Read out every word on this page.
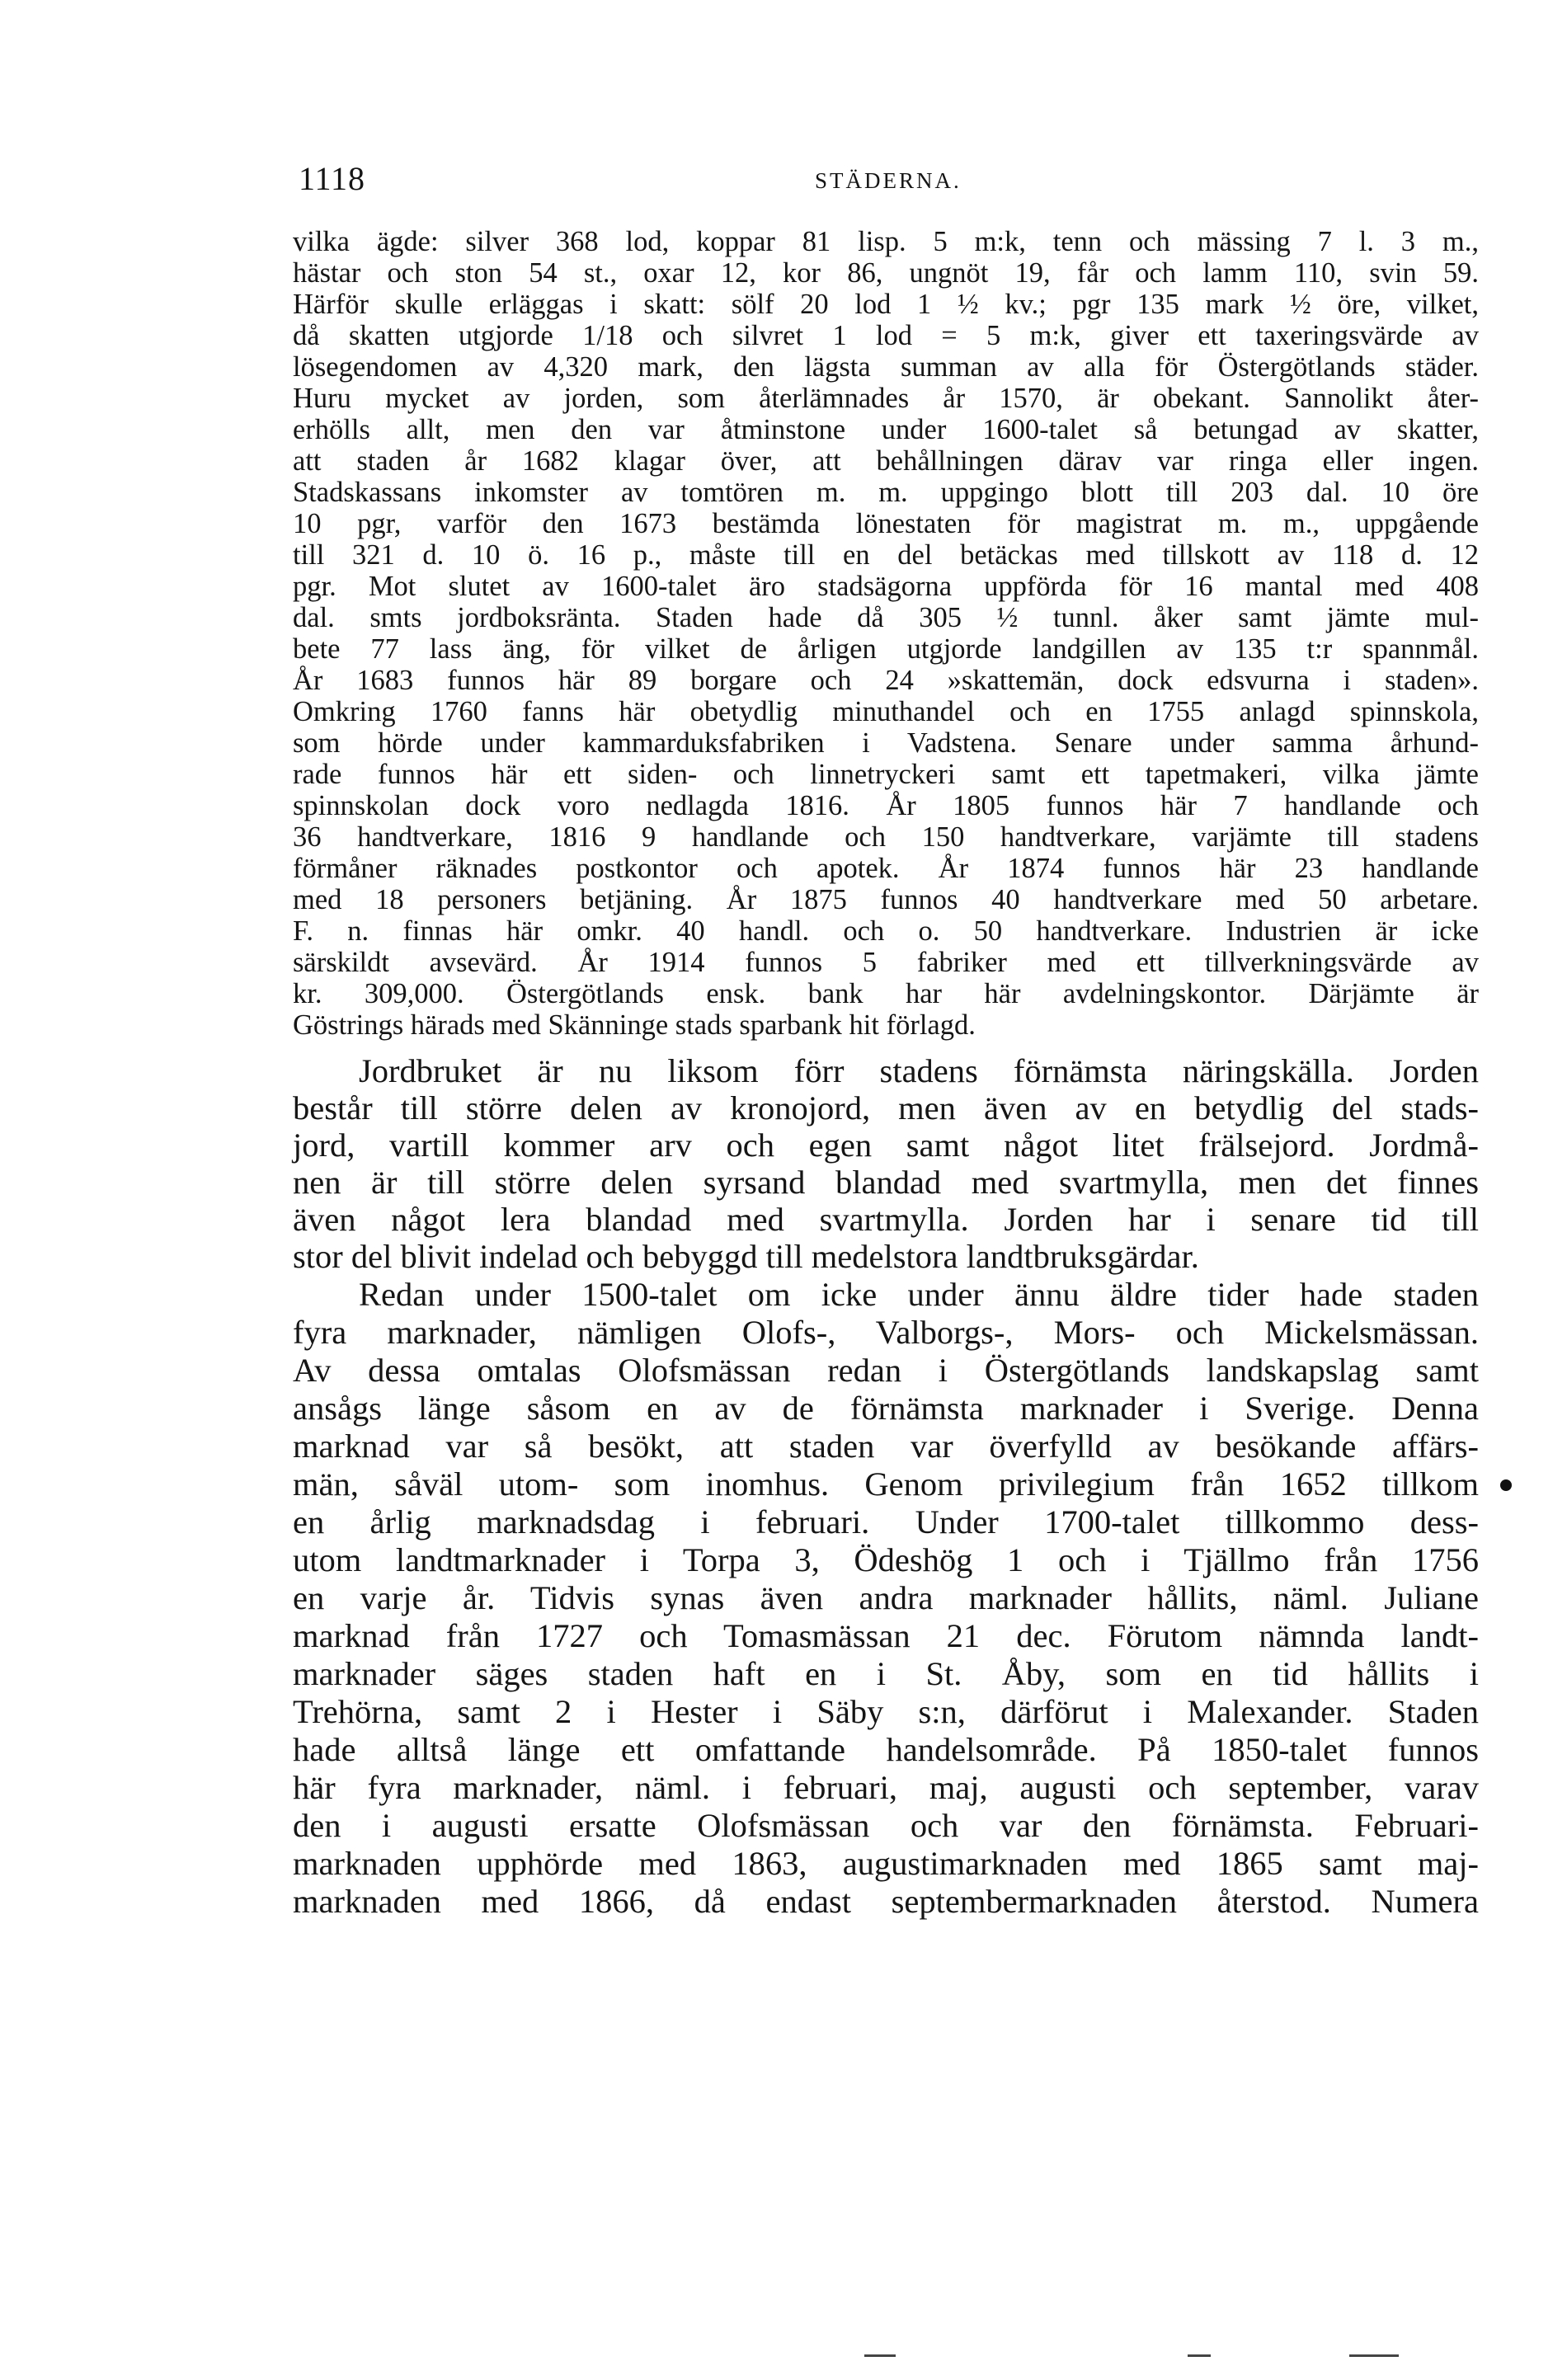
1118	STÄDERNA.
vilka ägde: silver 368 lod, koppar 81 lisp. 5 m:k, tenn och mässing 7 l. 3 m.,
hästar och ston 54 st., oxar 12, kor 86, ungnöt 19, får och lamm 110, svin 59.
Härför skulle erläggas i skatt: sölf 20 lod 1 ½ kv.; pgr 135 mark ½ öre, vilket,
då skatten utgjorde 1/18 och silvret 1 lod = 5 m:k, giver ett taxeringsvärde av
lösegendomen av 4,320 mark, den lägsta summan av alla för Östergötlands städer.
Huru mycket av jorden, som återlämnades år 1570, är obekant. Sannolikt åter-
erhölls allt, men den var åtminstone under 1600-talet så betungad av skatter,
att staden år 1682 klagar över, att behållningen därav var ringa eller ingen.
Stadskassans inkomster av tomtören m. m. uppgingo blott till 203 dal. 10 öre
10 pgr, varför den 1673 bestämda lönestaten för magistrat m. m., uppgående
till 321 d. 10 ö. 16 p., måste till en del betäckas med tillskott av 118 d. 12
pgr. Mot slutet av 1600-talet äro stadsägorna uppförda för 16 mantal med 408
dal. smts jordboksränta. Staden hade då 305 ½ tunnl. åker samt jämte mul-
bete 77 lass äng, för vilket de årligen utgjorde landgillen av 135 t:r spannmål.
År 1683 funnos här 89 borgare och 24 »skattemän, dock edsvurna i staden».
Omkring 1760 fanns här obetydlig minuthandel och en 1755 anlagd spinnskola,
som hörde under kammarduksfabriken i Vadstena. Senare under samma århund-
rade funnos här ett siden- och linnetryckeri samt ett tapetmakeri, vilka jämte
spinnskolan dock voro nedlagda 1816. År 1805 funnos här 7 handlande och
36 handtverkare, 1816 9 handlande och 150 handtverkare, varjämte till stadens
förmåner räknades postkontor och apotek. År 1874 funnos här 23 handlande
med 18 personers betjäning. År 1875 funnos 40 handtverkare med 50 arbetare.
F. n. finnas här omkr. 40 handl. och o. 50 handtverkare. Industrien är icke
särskildt avsevärd. År 1914 funnos 5 fabriker med ett tillverkningsvärde av
kr. 309,000. Östergötlands ensk. bank har här avdelningskontor. Därjämte är
Göstrings härads med Skänninge stads sparbank hit förlagd.
Jordbruket är nu liksom förr stadens förnämsta näringskälla. Jorden
består till större delen av kronojord, men även av en betydlig del stads-
jord, vartill kommer arv och egen samt något litet frälsejord. Jordmå-
nen är till större delen syrsand blandad med svartmylla, men det finnes
även något lera blandad med svartmylla. Jorden har i senare tid till
stor del blivit indelad och bebyggd till medelstora landtbruksgärdar.
Redan under 1500-talet om icke under ännu äldre tider hade staden
fyra marknader, nämligen Olofs-, Valborgs-, Mors- och Mickelsmässan.
Av dessa omtalas Olofsmässan redan i Östergötlands landskapslag samt
ansågs länge såsom en av de förnämsta marknader i Sverige. Denna
marknad var så besökt, att staden var överfylld av besökande affärs-
män, såväl utom- som inomhus. Genom privilegium från 1652 tillkom
en årlig marknadsdag i februari. Under 1700-talet tillkommo dess-
utom landtmarknader i Torpa 3, Ödeshög 1 och i Tjällmo från 1756
en varje år. Tidvis synas även andra marknader hållits, näml. Juliane
marknad från 1727 och Tomasmässan 21 dec. Förutom nämnda landt-
marknader säges staden haft en i St. Åby, som en tid hållits i
Trehörna, samt 2 i Hester i Säby s:n, därförut i Malexander. Staden
hade alltså länge ett omfattande handelsområde. På 1850-talet funnos
här fyra marknader, näml. i februari, maj, augusti och september, varav
den i augusti ersatte Olofsmässan och var den förnämsta. Februari-
marknaden upphörde med 1863, augustimarknaden med 1865 samt maj-
marknaden med 1866, då endast septembermarknaden återstod. Numera
